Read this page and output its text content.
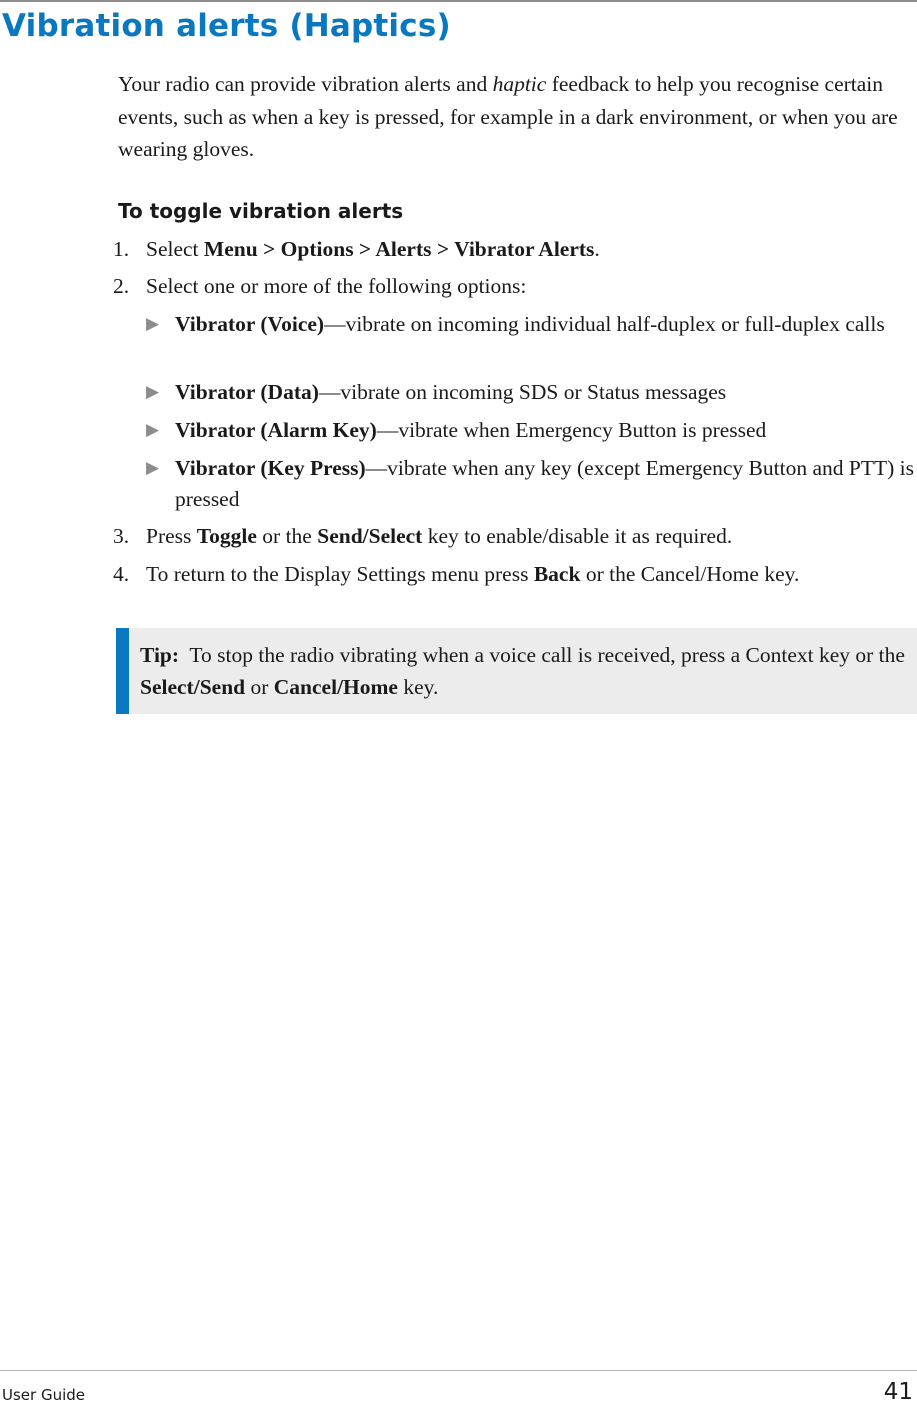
Vibration alerts (Haptics)

Your radio can provide vibration alerts and haptic feedback to help you recognise certain events, such as when a key is pressed, for example in a dark environment, or when you are wearing gloves.

To toggle vibration alerts
1. Select Menu > Options > Alerts > Vibrator Alerts.
2. Select one or more of the following options:
▶ Vibrator (Voice)—vibrate on incoming individual half-duplex or full-duplex calls
▶ Vibrator (Data)—vibrate on incoming SDS or Status messages
▶ Vibrator (Alarm Key)—vibrate when Emergency Button is pressed
▶ Vibrator (Key Press)—vibrate when any key (except Emergency Button and PTT) is pressed
3. Press Toggle or the Send/Select key to enable/disable it as required.
4. To return to the Display Settings menu press Back or the Cancel/Home key.
Tip:  To stop the radio vibrating when a voice call is received, press a Context key or the Select/Send or Cancel/Home key.
User Guide	41
